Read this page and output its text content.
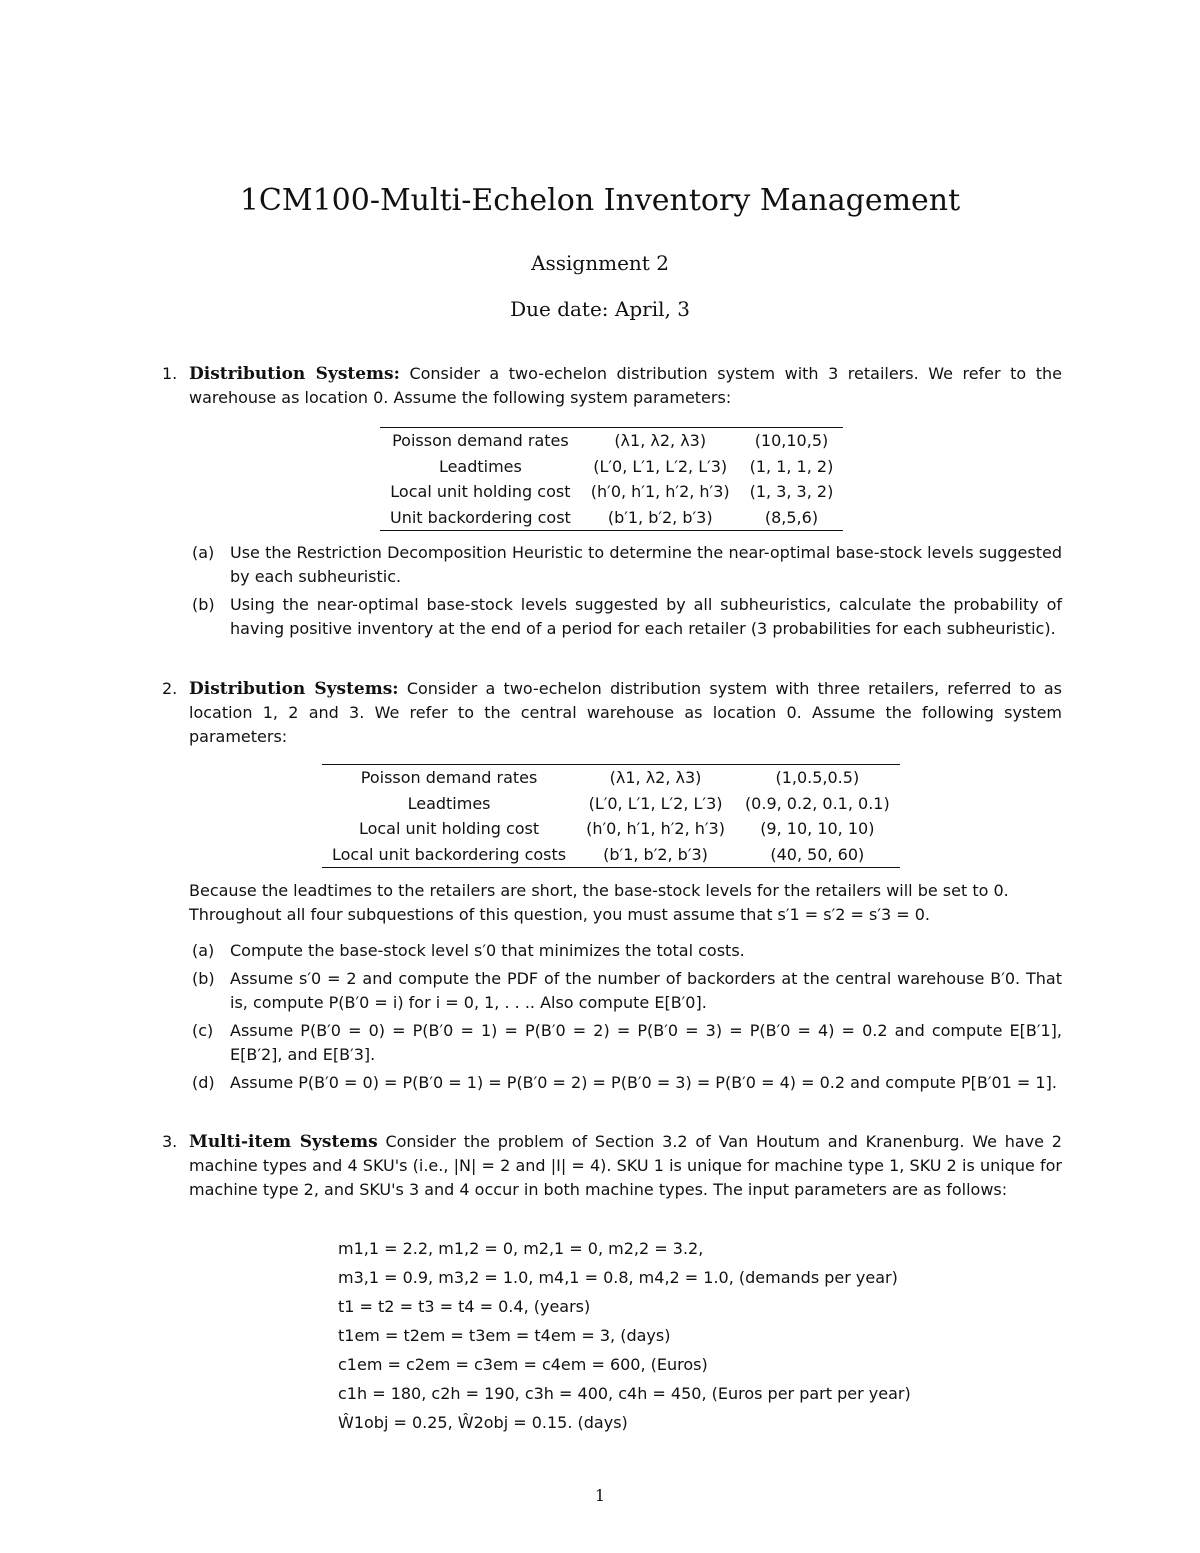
1CM100-Multi-Echelon Inventory Management
Assignment 2
Due date: April, 3
1. Distribution Systems: Consider a two-echelon distribution system with 3 retailers. We refer to the warehouse as location 0. Assume the following system parameters:
Poisson demand rates	(λ1, λ2, λ3)	(10,10,5)
Leadtimes	(L′0, L′1, L′2, L′3)	(1, 1, 1, 2)
Local unit holding cost	(h′0, h′1, h′2, h′3)	(1, 3, 3, 2)
Unit backordering cost	(b′1, b′2, b′3)	(8,5,6)
(a) Use the Restriction Decomposition Heuristic to determine the near-optimal base-stock levels suggested by each subheuristic.
(b) Using the near-optimal base-stock levels suggested by all subheuristics, calculate the probability of having positive inventory at the end of a period for each retailer (3 probabilities for each subheuristic).
2. Distribution Systems: Consider a two-echelon distribution system with three retailers, referred to as location 1, 2 and 3. We refer to the central warehouse as location 0. Assume the following system parameters:
Poisson demand rates	(λ1, λ2, λ3)	(1,0.5,0.5)
Leadtimes	(L′0, L′1, L′2, L′3)	(0.9, 0.2, 0.1, 0.1)
Local unit holding cost	(h′0, h′1, h′2, h′3)	(9, 10, 10, 10)
Local unit backordering costs	(b′1, b′2, b′3)	(40, 50, 60)
Because the leadtimes to the retailers are short, the base-stock levels for the retailers will be set to 0.
Throughout all four subquestions of this question, you must assume that s′1 = s′2 = s′3 = 0.
(a) Compute the base-stock level s′0 that minimizes the total costs.
(b) Assume s′0 = 2 and compute the PDF of the number of backorders at the central warehouse B′0. That is, compute P(B′0 = i) for i = 0, 1, . . .. Also compute E[B′0].
(c) Assume P(B′0 = 0) = P(B′0 = 1) = P(B′0 = 2) = P(B′0 = 3) = P(B′0 = 4) = 0.2 and compute E[B′1], E[B′2], and E[B′3].
(d) Assume P(B′0 = 0) = P(B′0 = 1) = P(B′0 = 2) = P(B′0 = 3) = P(B′0 = 4) = 0.2 and compute P[B′01 = 1].
3. Multi-item Systems Consider the problem of Section 3.2 of Van Houtum and Kranenburg. We have 2 machine types and 4 SKU's (i.e., |N| = 2 and |I| = 4). SKU 1 is unique for machine type 1, SKU 2 is unique for machine type 2, and SKU's 3 and 4 occur in both machine types. The input parameters are as follows:
m1,1 = 2.2, m1,2 = 0, m2,1 = 0, m2,2 = 3.2,
m3,1 = 0.9, m3,2 = 1.0, m4,1 = 0.8, m4,2 = 1.0, (demands per year)
t1 = t2 = t3 = t4 = 0.4, (years)
t1em = t2em = t3em = t4em = 3, (days)
c1em = c2em = c3em = c4em = 600, (Euros)
c1h = 180, c2h = 190, c3h = 400, c4h = 450, (Euros per part per year)
Ŵ1obj = 0.25, Ŵ2obj = 0.15. (days)
1
